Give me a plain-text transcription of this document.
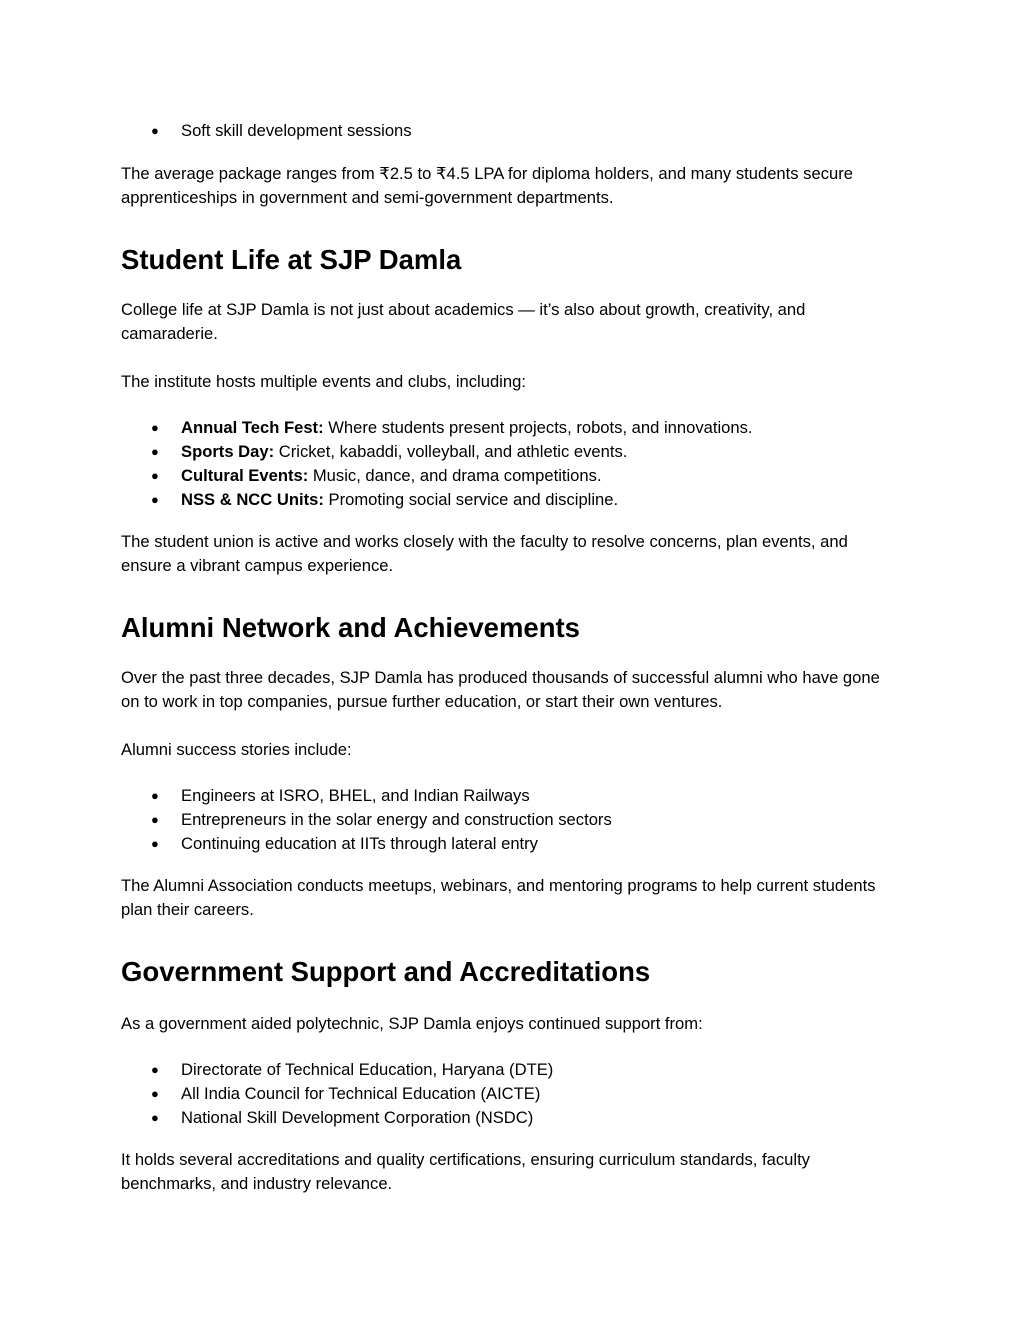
● Soft skill development sessions

The average package ranges from ₹2.5 to ₹4.5 LPA for diploma holders, and many students secure apprenticeships in government and semi-government departments.

Student Life at SJP Damla

College life at SJP Damla is not just about academics — it’s also about growth, creativity, and camaraderie.

The institute hosts multiple events and clubs, including:

● Annual Tech Fest: Where students present projects, robots, and innovations.
● Sports Day: Cricket, kabaddi, volleyball, and athletic events.
● Cultural Events: Music, dance, and drama competitions.
● NSS & NCC Units: Promoting social service and discipline.

The student union is active and works closely with the faculty to resolve concerns, plan events, and ensure a vibrant campus experience.

Alumni Network and Achievements

Over the past three decades, SJP Damla has produced thousands of successful alumni who have gone on to work in top companies, pursue further education, or start their own ventures.

Alumni success stories include:

● Engineers at ISRO, BHEL, and Indian Railways
● Entrepreneurs in the solar energy and construction sectors
● Continuing education at IITs through lateral entry

The Alumni Association conducts meetups, webinars, and mentoring programs to help current students plan their careers.

Government Support and Accreditations

As a government aided polytechnic, SJP Damla enjoys continued support from:

● Directorate of Technical Education, Haryana (DTE)
● All India Council for Technical Education (AICTE)
● National Skill Development Corporation (NSDC)

It holds several accreditations and quality certifications, ensuring curriculum standards, faculty benchmarks, and industry relevance.
